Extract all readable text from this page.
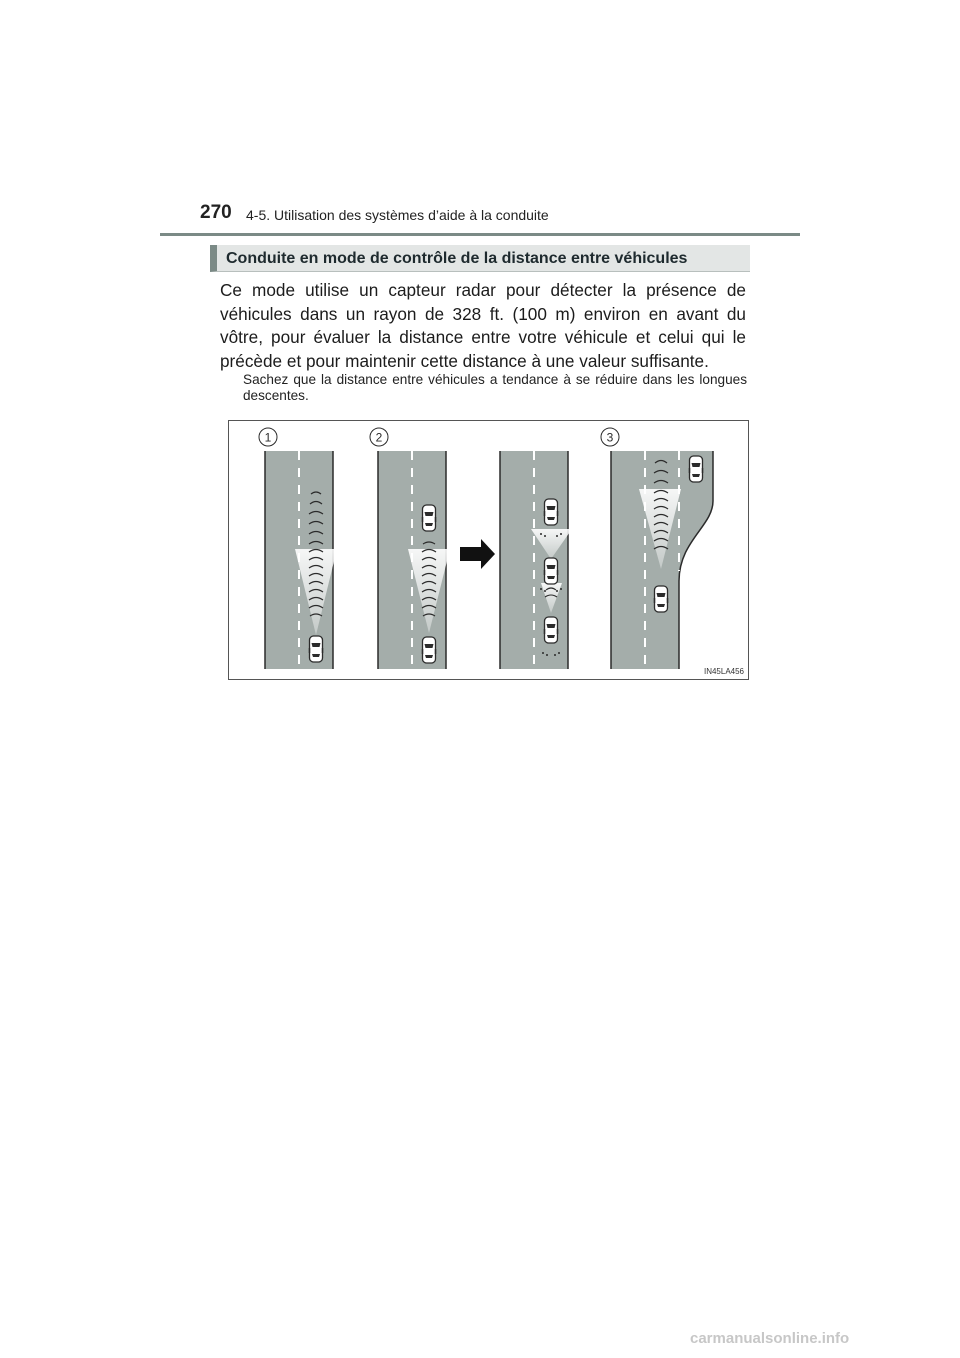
270 4-5. Utilisation des systèmes d’aide à la conduite
Conduite en mode de contrôle de la distance entre véhicules
Ce mode utilise un capteur radar pour détecter la présence de véhicules dans un rayon de 328 ft. (100 m) environ en avant du vôtre, pour évaluer la distance entre votre véhicule et celui qui le précède et pour maintenir cette distance à une valeur suffisante.
Sachez que la distance entre véhicules a tendance à se réduire dans les longues descentes.
1	2	3
IN45LA456
carmanualsonline.info
